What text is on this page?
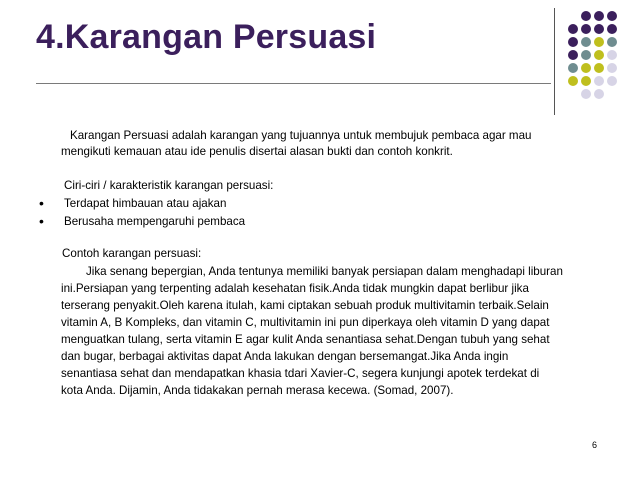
4.Karangan Persuasi
Karangan Persuasi adalah karangan yang tujuannya untuk membujuk pembaca agar mau
mengikuti kemauan atau ide penulis disertai alasan bukti dan contoh konkrit.
Ciri-ciri / karakteristik karangan persuasi:
• Terdapat himbauan atau ajakan
• Berusaha mempengaruhi pembaca
Contoh karangan persuasi:
Jika senang bepergian, Anda tentunya memiliki banyak persiapan dalam menghadapi liburan
ini.Persiapan yang terpenting adalah kesehatan fisik.Anda tidak mungkin dapat berlibur jika
terserang penyakit.Oleh karena itulah, kami ciptakan sebuah produk multivitamin terbaik.Selain
vitamin A, B Kompleks, dan vitamin C, multivitamin ini pun diperkaya oleh vitamin D yang dapat
menguatkan tulang, serta vitamin E agar kulit Anda senantiasa sehat.Dengan tubuh yang sehat
dan bugar, berbagai aktivitas dapat Anda lakukan dengan bersemangat.Jika Anda ingin
senantiasa sehat dan mendapatkan khasia tdari Xavier-C, segera kunjungi apotek terdekat di
kota Anda. Dijamin, Anda tidakakan pernah merasa kecewa. (Somad, 2007).
6
